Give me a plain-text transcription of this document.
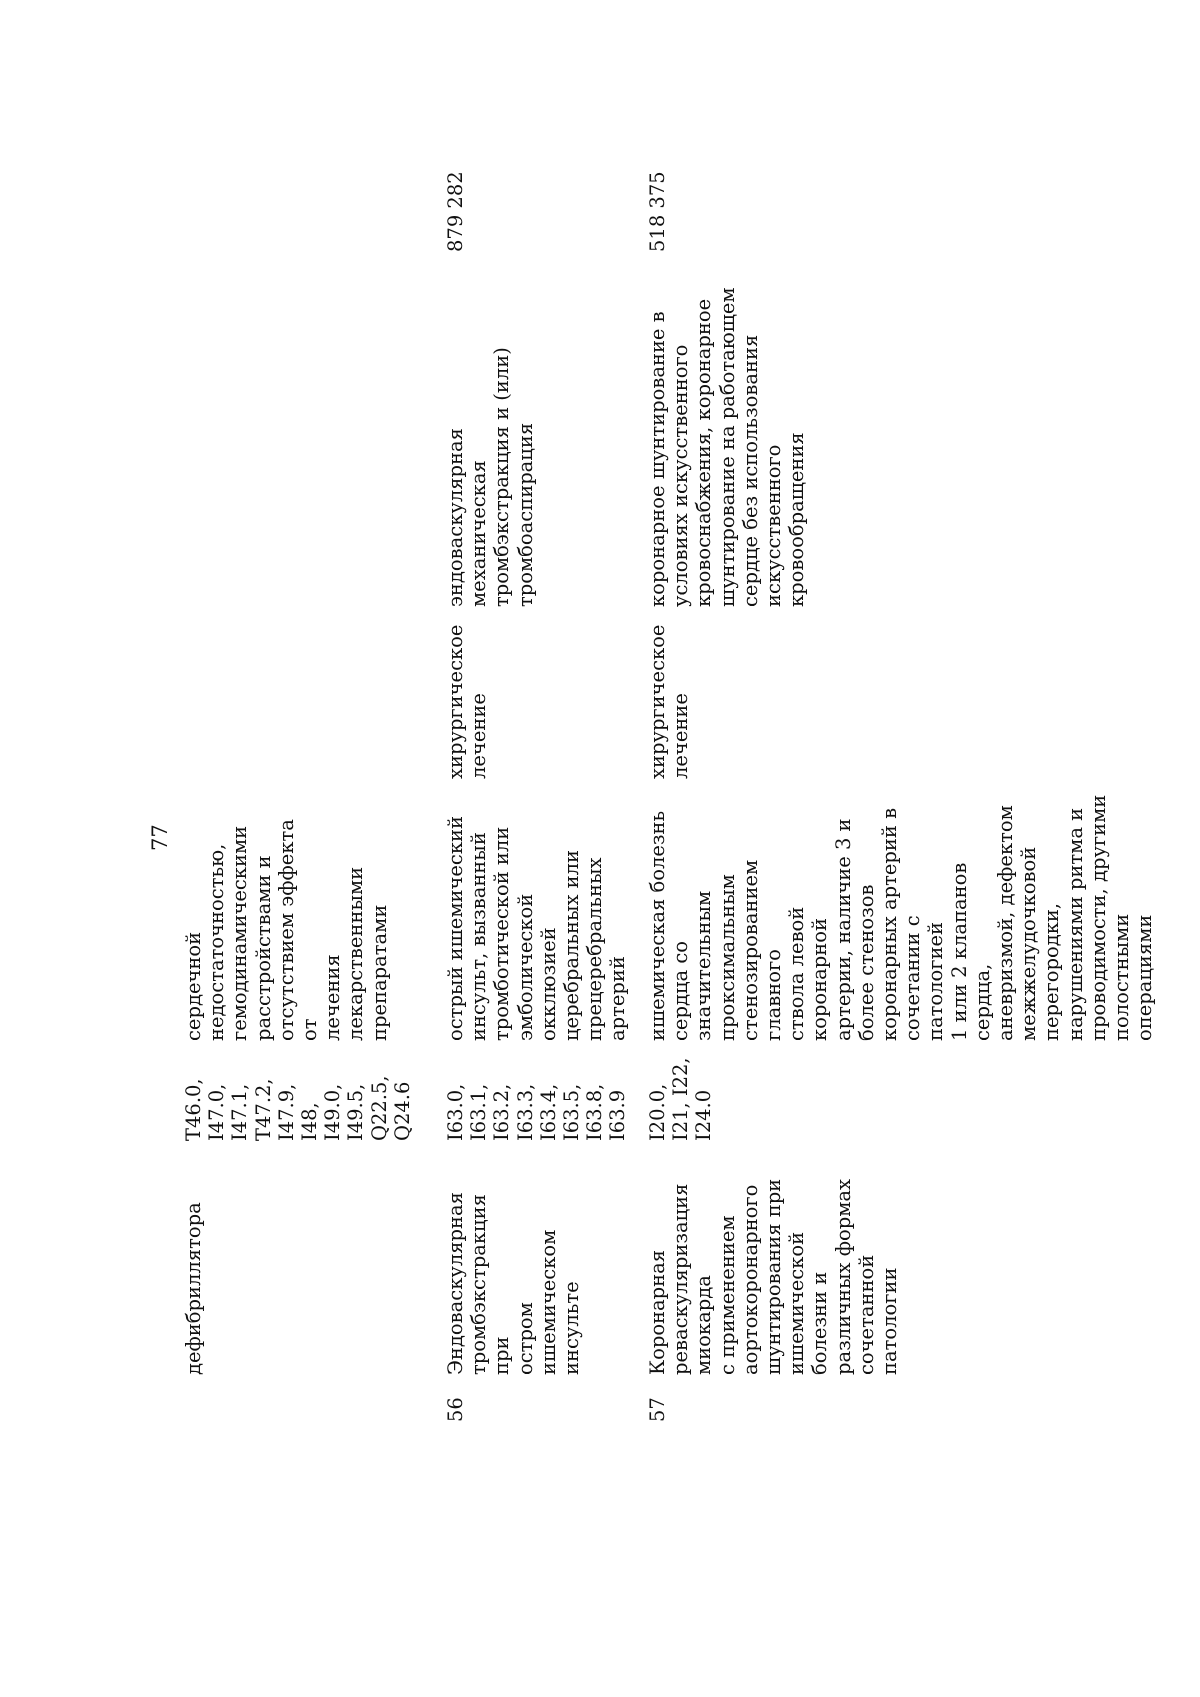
77
дефибриллятора
T46.0,
I47.0,
I47.1,
T47.2,
I47.9,
I48,
I49.0,
I49.5,
Q22.5,
Q24.6
сердечной
недостаточностью,
гемодинамическими
расстройствами и
отсутствием эффекта от
лечения лекарственными
препаратами
56
Эндоваскулярная
тромбэкстракция при
остром ишемическом
инсульте
I63.0,
I63.1,
I63.2,
I63.3,
I63.4,
I63.5,
I63.8,
I63.9
острый ишемический
инсульт, вызванный
тромботической или
эмболической окклюзией
церебральных или
прецеребральных артерий
хирургическое
лечение
эндоваскулярная механическая
тромбэкстракция и (или)
тромбоаспирация
879 282
57
Коронарная
реваскуляризация миокарда
с применением
аортокоронарного
шунтирования при
ишемической болезни и
различных формах
сочетанной патологии
I20.0,
I21, I22,
I24.0
ишемическая болезнь
сердца со значительным
проксимальным
стенозированием главного
ствола левой коронарной
артерии, наличие 3 и
более стенозов
коронарных артерий в
сочетании с патологией
1 или 2 клапанов сердца,
аневризмой, дефектом
межжелудочковой
перегородки,
нарушениями ритма и
проводимости, другими
полостными операциями
хирургическое
лечение
коронарное шунтирование в
условиях искусственного
кровоснабжения, коронарное
шунтирование на работающем
сердце без использования
искусственного кровообращения
518 375
